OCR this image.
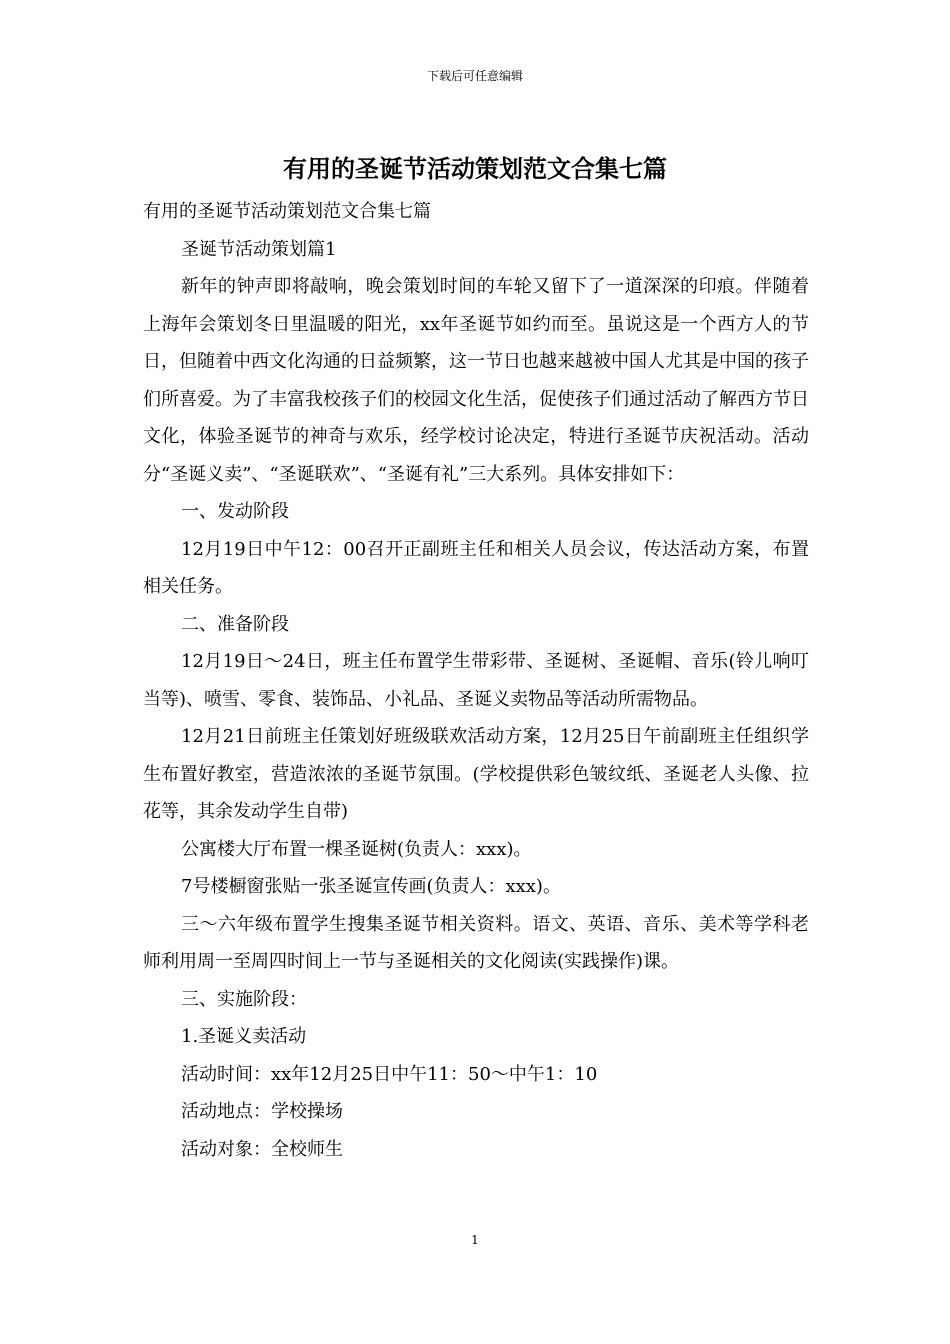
下载后可任意编辑
有用的圣诞节活动策划范文合集七篇

有用的圣诞节活动策划范文合集七篇

圣诞节活动策划篇1

新年的钟声即将敲响，晚会策划时间的车轮又留下了一道深深的印痕。伴随着上海年会策划冬日里温暖的阳光，xx年圣诞节如约而至。虽说这是一个西方人的节日，但随着中西文化沟通的日益频繁，这一节日也越来越被中国人尤其是中国的孩子们所喜爱。为了丰富我校孩子们的校园文化生活，促使孩子们通过活动了解西方节日文化，体验圣诞节的神奇与欢乐，经学校讨论决定，特进行圣诞节庆祝活动。活动分“圣诞义卖”、“圣诞联欢”、“圣诞有礼”三大系列。具体安排如下：

一、发动阶段

12月19日中午12：00召开正副班主任和相关人员会议，传达活动方案，布置相关任务。

二、准备阶段

12月19日～24日，班主任布置学生带彩带、圣诞树、圣诞帽、音乐(铃儿响叮当等)、喷雪、零食、装饰品、小礼品、圣诞义卖物品等活动所需物品。

12月21日前班主任策划好班级联欢活动方案，12月25日午前副班主任组织学生布置好教室，营造浓浓的圣诞节氛围。(学校提供彩色皱纹纸、圣诞老人头像、拉花等，其余发动学生自带)

公寓楼大厅布置一棵圣诞树(负责人：xxx)。

7号楼橱窗张贴一张圣诞宣传画(负责人：xxx)。

三～六年级布置学生搜集圣诞节相关资料。语文、英语、音乐、美术等学科老师利用周一至周四时间上一节与圣诞相关的文化阅读(实践操作)课。

三、实施阶段：

1.圣诞义卖活动

活动时间：xx年12月25日中午11：50～中午1：10

活动地点：学校操场

活动对象：全校师生

1
